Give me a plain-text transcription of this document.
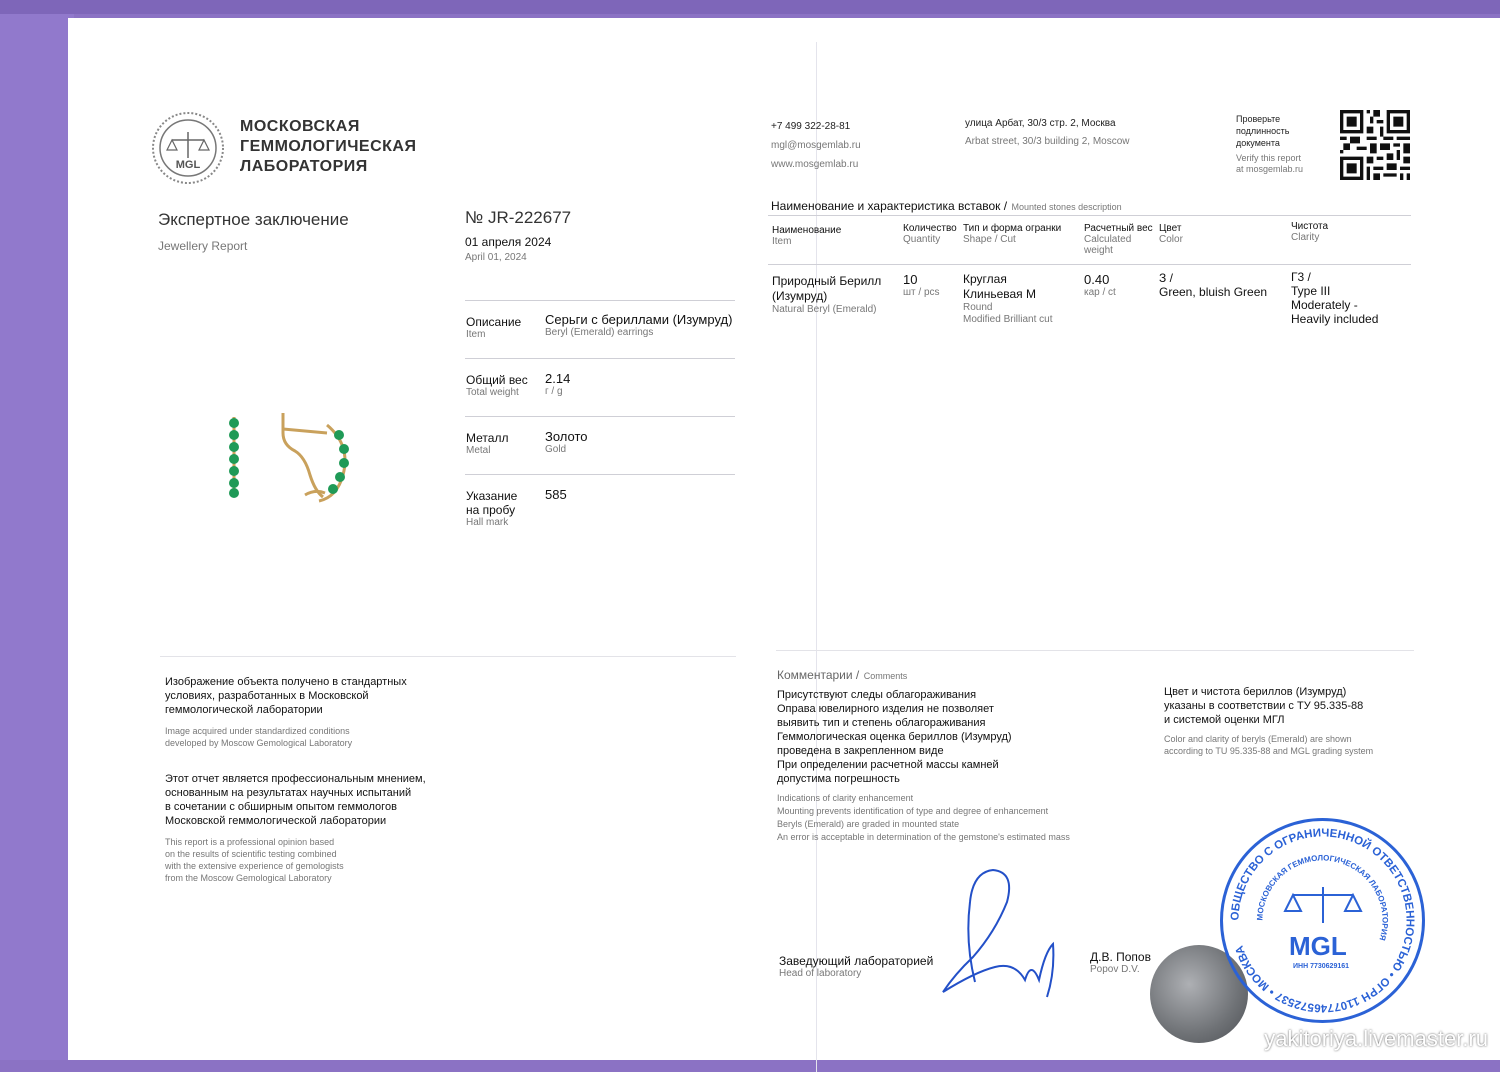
MGL
МОСКОВСКАЯ
ГЕММОЛОГИЧЕСКАЯ
ЛАБОРАТОРИЯ
Экспертное заключение
Jewellery Report
№ JR-222677
01 апреля 2024
April 01, 2024
Описание
Item
Серьги с бериллами (Изумруд)
Beryl (Emerald) earrings
Общий вес
Total weight
2.14
г / g
Металл
Metal
Золото
Gold
Указание
на пробу
Hall mark
585
Изображение объекта получено в стандартных
условиях, разработанных в Московской
геммологической лаборатории
Image acquired under standardized conditions
developed by Moscow Gemological Laboratory
Этот отчет является профессиональным мнением,
основанным на результатах научных испытаний
в сочетании с обширным опытом геммологов
Московской геммологической лаборатории
This report is a professional opinion based
on the results of scientific testing combined
with the extensive experience of gemologists
from the Moscow Gemological Laboratory
+7 499 322-28-81
mgl@mosgemlab.ru
www.mosgemlab.ru
улица Арбат, 30/3 стр. 2, Москва
Arbat street, 30/3 building 2, Moscow
Проверьте
подлинность
документа
Verify this report
at mosgemlab.ru
Наименование и характеристика вставок / Mounted stones description
Наименование
Item
Количество
Quantity
Тип и форма огранки
Shape / Cut
Расчетный вес
Calculated
weight
Цвет
Color
Чистота
Clarity
Природный Берилл
(Изумруд)
Natural Beryl (Emerald)
10
шт / pcs
Круглая
Клиньевая М
Round
Modified Brilliant cut
0.40
кар / ct
З /
Green, bluish Green
Г3 /
Type III
Moderately -
Heavily included
Комментарии / Comments
Присутствуют следы облагораживания
Оправа ювелирного изделия не позволяет
выявить тип и степень облагораживания
Геммологическая оценка бериллов (Изумруд)
проведена в закрепленном виде
При определении расчетной массы камней
допустима погрешность
Indications of clarity enhancement
Mounting prevents identification of type and degree of enhancement
Beryls (Emerald) are graded in mounted state
An error is acceptable in determination of the gemstone's estimated mass
Цвет и чистота бериллов (Изумруд)
указаны в соответствии с ТУ 95.335-88
и системой оценки МГЛ
Color and clarity of beryls (Emerald) are shown
according to TU 95.335-88 and MGL grading system
Заведующий лабораторией
Head of laboratory
Д.В. Попов
Popov D.V.
ОБЩЕСТВО С ОГРАНИЧЕННОЙ ОТВЕТСТВЕННОСТЬЮ • ОГРН 1107746572537 • МОСКВА
МОСКОВСКАЯ ГЕММОЛОГИЧЕСКАЯ ЛАБОРАТОРИЯ
MGL
ИНН 7730629161
yakitoriya.livemaster.ru
